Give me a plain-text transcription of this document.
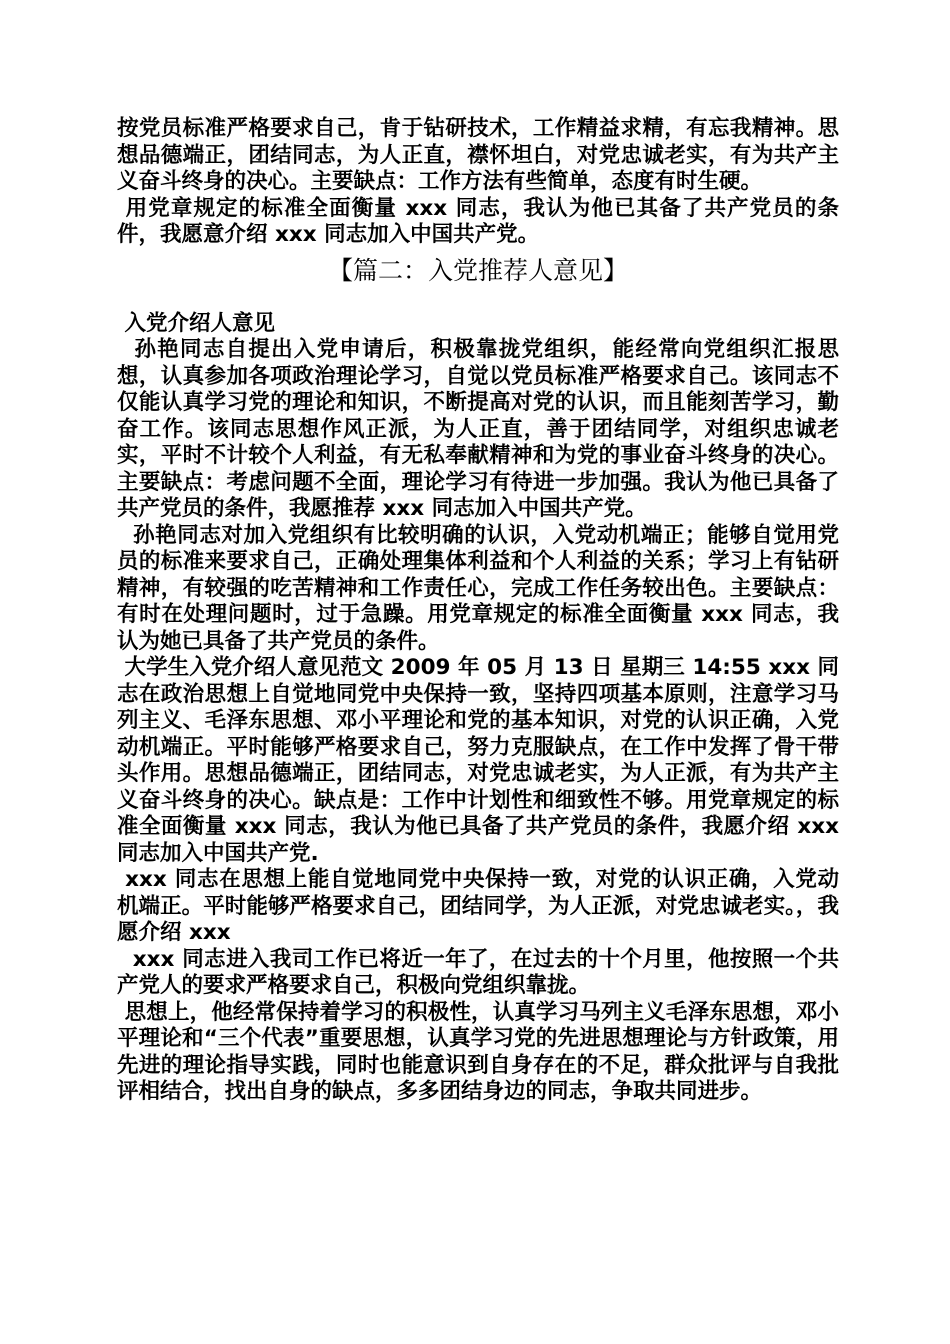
按党员标准严格要求自己，肯于钻研技术，工作精益求精，有忘我精神。思想品德端正，团结同志，为人正直，襟怀坦白，对党忠诚老实，有为共产主义奋斗终身的决心。主要缺点：工作方法有些简单，态度有时生硬。

用党章规定的标准全面衡量 xxx 同志，我认为他已其备了共产党员的条件，我愿意介绍 xxx 同志加入中国共产党。

【篇二：入党推荐人意见】
入党介绍人意见

孙艳同志自提出入党申请后，积极靠拢党组织，能经常向党组织汇报思想，认真参加各项政治理论学习，自觉以党员标准严格要求自己。该同志不仅能认真学习党的理论和知识，不断提高对党的认识，而且能刻苦学习，勤奋工作。该同志思想作风正派，为人正直，善于团结同学，对组织忠诚老实，平时不计较个人利益，有无私奉献精神和为党的事业奋斗终身的决心。主要缺点：考虑问题不全面，理论学习有待进一步加强。我认为他已具备了共产党员的条件，我愿推荐 xxx 同志加入中国共产党。

孙艳同志对加入党组织有比较明确的认识，入党动机端正；能够自觉用党员的标准来要求自己，正确处理集体利益和个人利益的关系；学习上有钻研精神，有较强的吃苦精神和工作责任心，完成工作任务较出色。主要缺点：有时在处理问题时，过于急躁。用党章规定的标准全面衡量 xxx 同志，我认为她已具备了共产党员的条件。

大学生入党介绍人意见范文 2009 年 05 月 13 日 星期三 14:55 xxx 同志在政治思想上自觉地同党中央保持一致，坚持四项基本原则，注意学习马列主义、毛泽东思想、邓小平理论和党的基本知识，对党的认识正确，入党动机端正。平时能够严格要求自己，努力克服缺点，在工作中发挥了骨干带头作用。思想品德端正，团结同志，对党忠诚老实，为人正派，有为共产主义奋斗终身的决心。缺点是：工作中计划性和细致性不够。用党章规定的标准全面衡量 xxx 同志，我认为他已具备了共产党员的条件，我愿介绍 xxx 同志加入中国共产党.

xxx 同志在思想上能自觉地同党中央保持一致，对党的认识正确，入党动机端正。平时能够严格要求自己，团结同学，为人正派，对党忠诚老实。，我愿介绍 xxx

xxx 同志进入我司工作已将近一年了，在过去的十个月里，他按照一个共产党人的要求严格要求自己，积极向党组织靠拢。

思想上，他经常保持着学习的积极性，认真学习马列主义毛泽东思想，邓小平理论和“三个代表”重要思想，认真学习党的先进思想理论与方针政策，用先进的理论指导实践，同时也能意识到自身存在的不足，群众批评与自我批评相结合，找出自身的缺点，多多团结身边的同志，争取共同进步。
